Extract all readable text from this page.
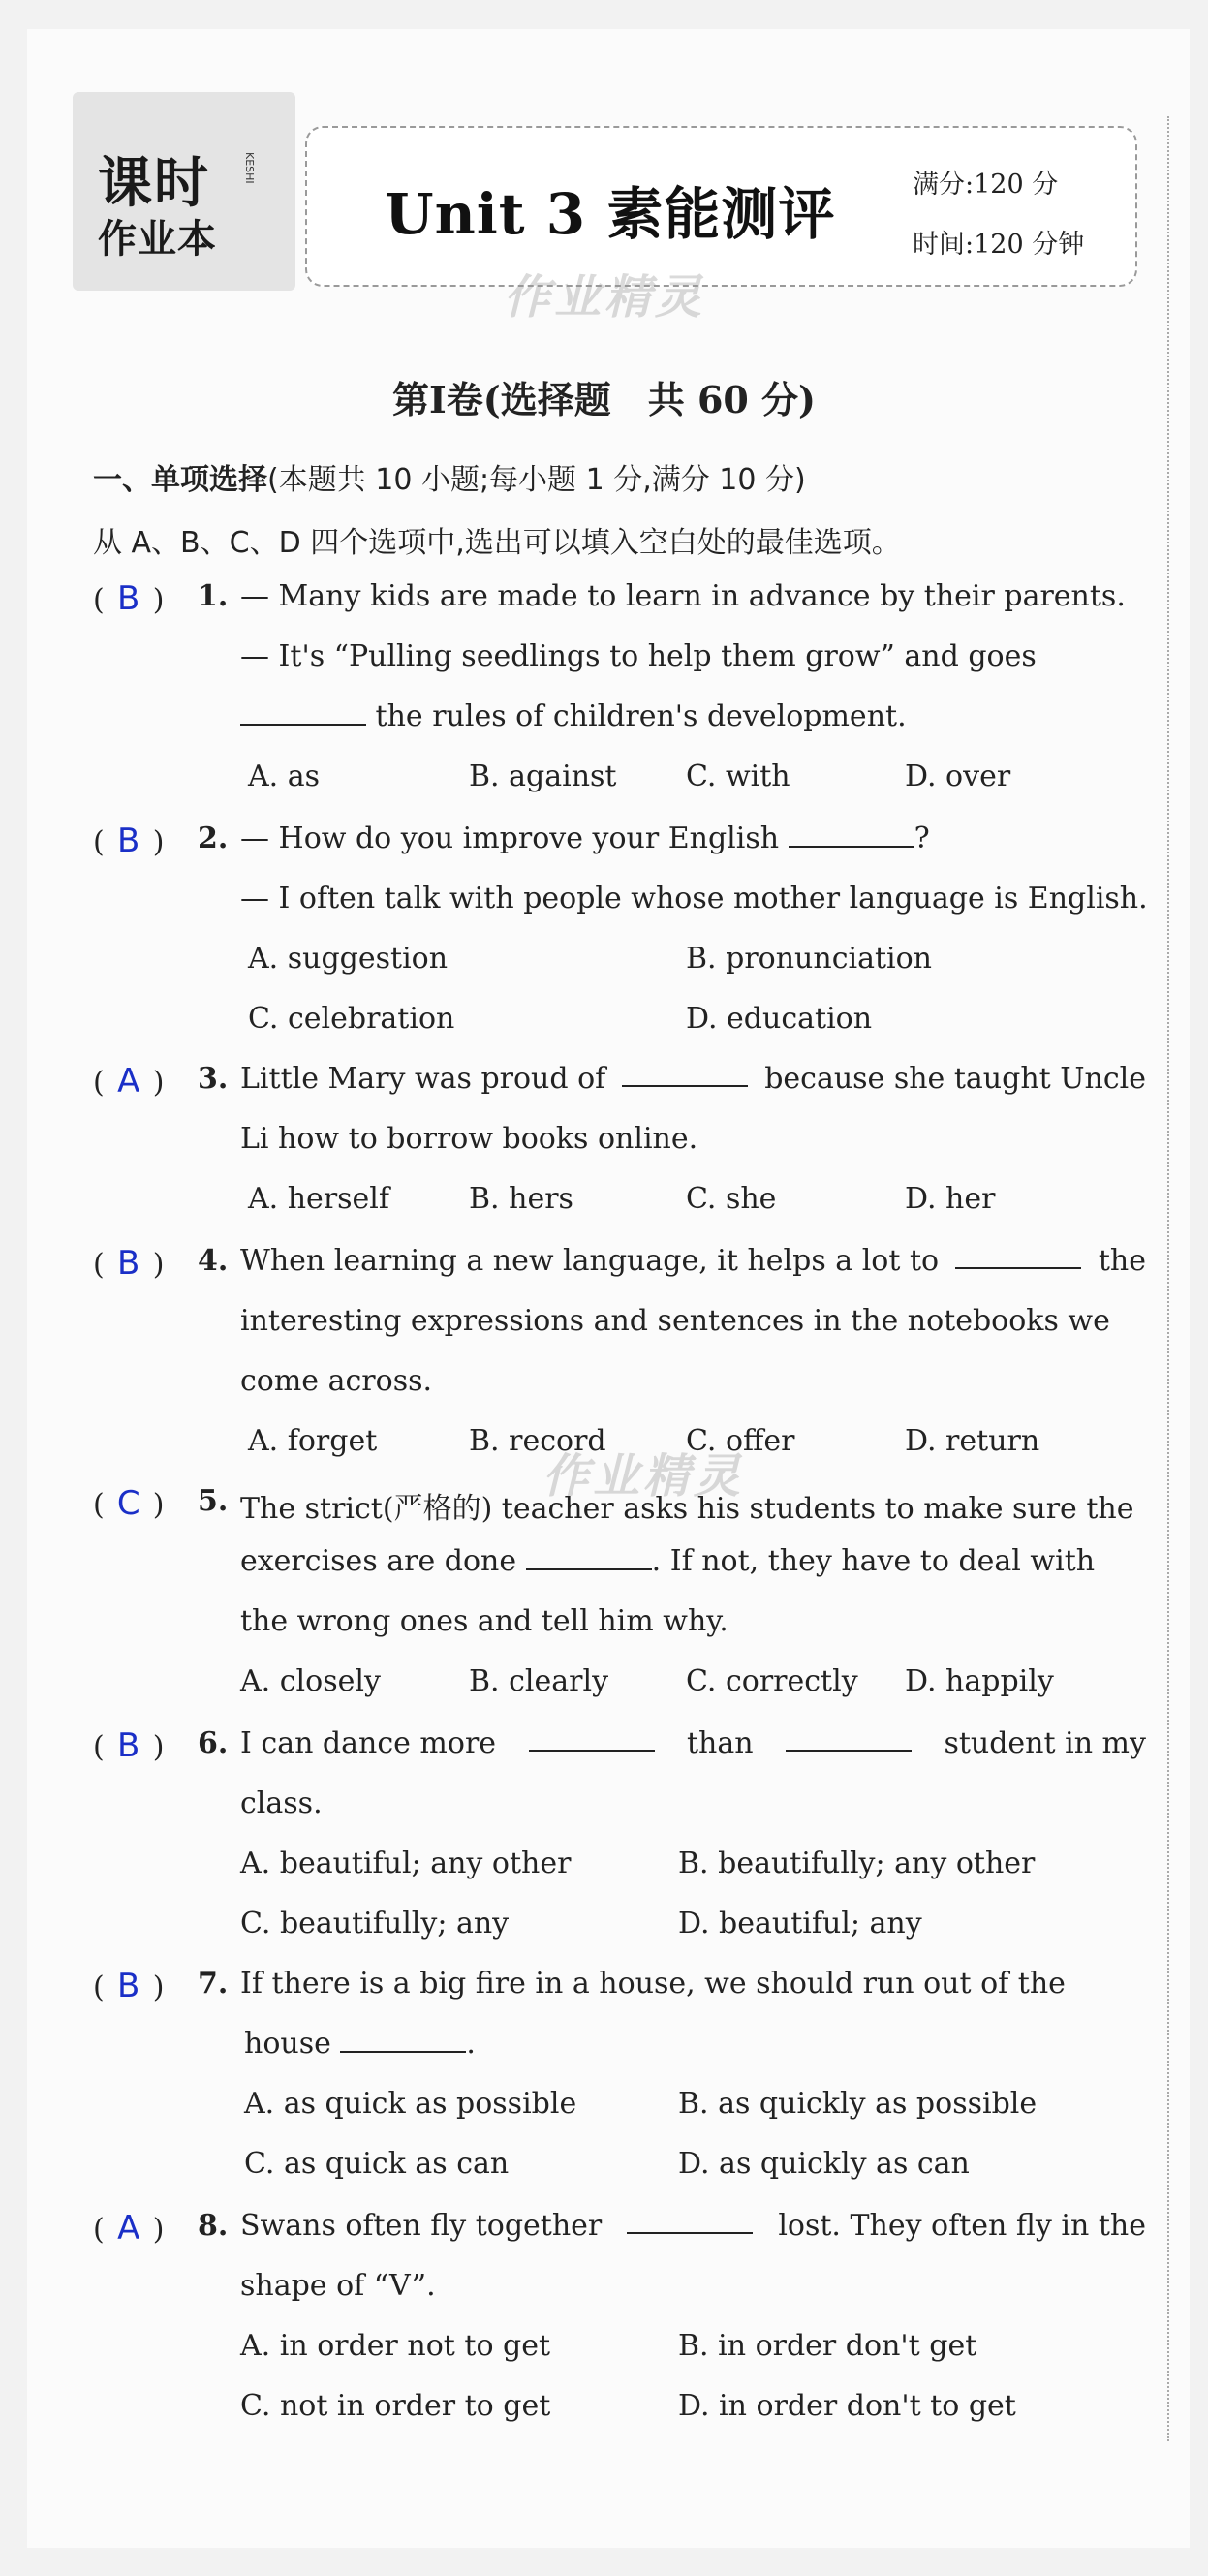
课时
作业本
KESHI
Unit 3 素能测评	满分:120 分
时间:120 分钟
作业精灵
作业精灵
第Ⅰ卷(选择题　共 60 分)
一、单项选择(本题共 10 小题;每小题 1 分,满分 10 分)
从 A、B、C、D 四个选项中,选出可以填入空白处的最佳选项。
( B ) 1. — Many kids are made to learn in advance by their parents.
— It's “Pulling seedlings to help them grow” and goes
the rules of children's development.
A. as	B. against C. with	D. over
( B ) 2. — How do you improve your English	?
— I often talk with people whose mother language is English.
A. suggestion	B. pronunciation
C. celebration	D. education
( A ) 3. Little Mary was proud of	because she taught Uncle
Li how to borrow books online.
A. herself	B. hers	C. she	D. her
( B ) 4. When learning a new language, it helps a lot to	the
interesting expressions and sentences in the notebooks we
come across.
A. forget	B. record	C. offer	D. return
( C ) 5. The strict(严格的) teacher asks his students to make sure the
exercises are done	. If not, they have to deal with
the wrong ones and tell him why.
A. closely	B. clearly	C. correctly D. happily
( B ) 6. I can dance more	than	student in my
class.
A. beautiful; any other	B. beautifully; any other
C. beautifully; any	D. beautiful; any
( B ) 7. If there is a big fire in a house, we should run out of the
house	.
A. as quick as possible	B. as quickly as possible
C. as quick as can	D. as quickly as can
( A ) 8. Swans often fly together	lost. They often fly in the
shape of “V”.
A. in order not to get	B. in order don't get
C. not in order to get	D. in order don't to get
